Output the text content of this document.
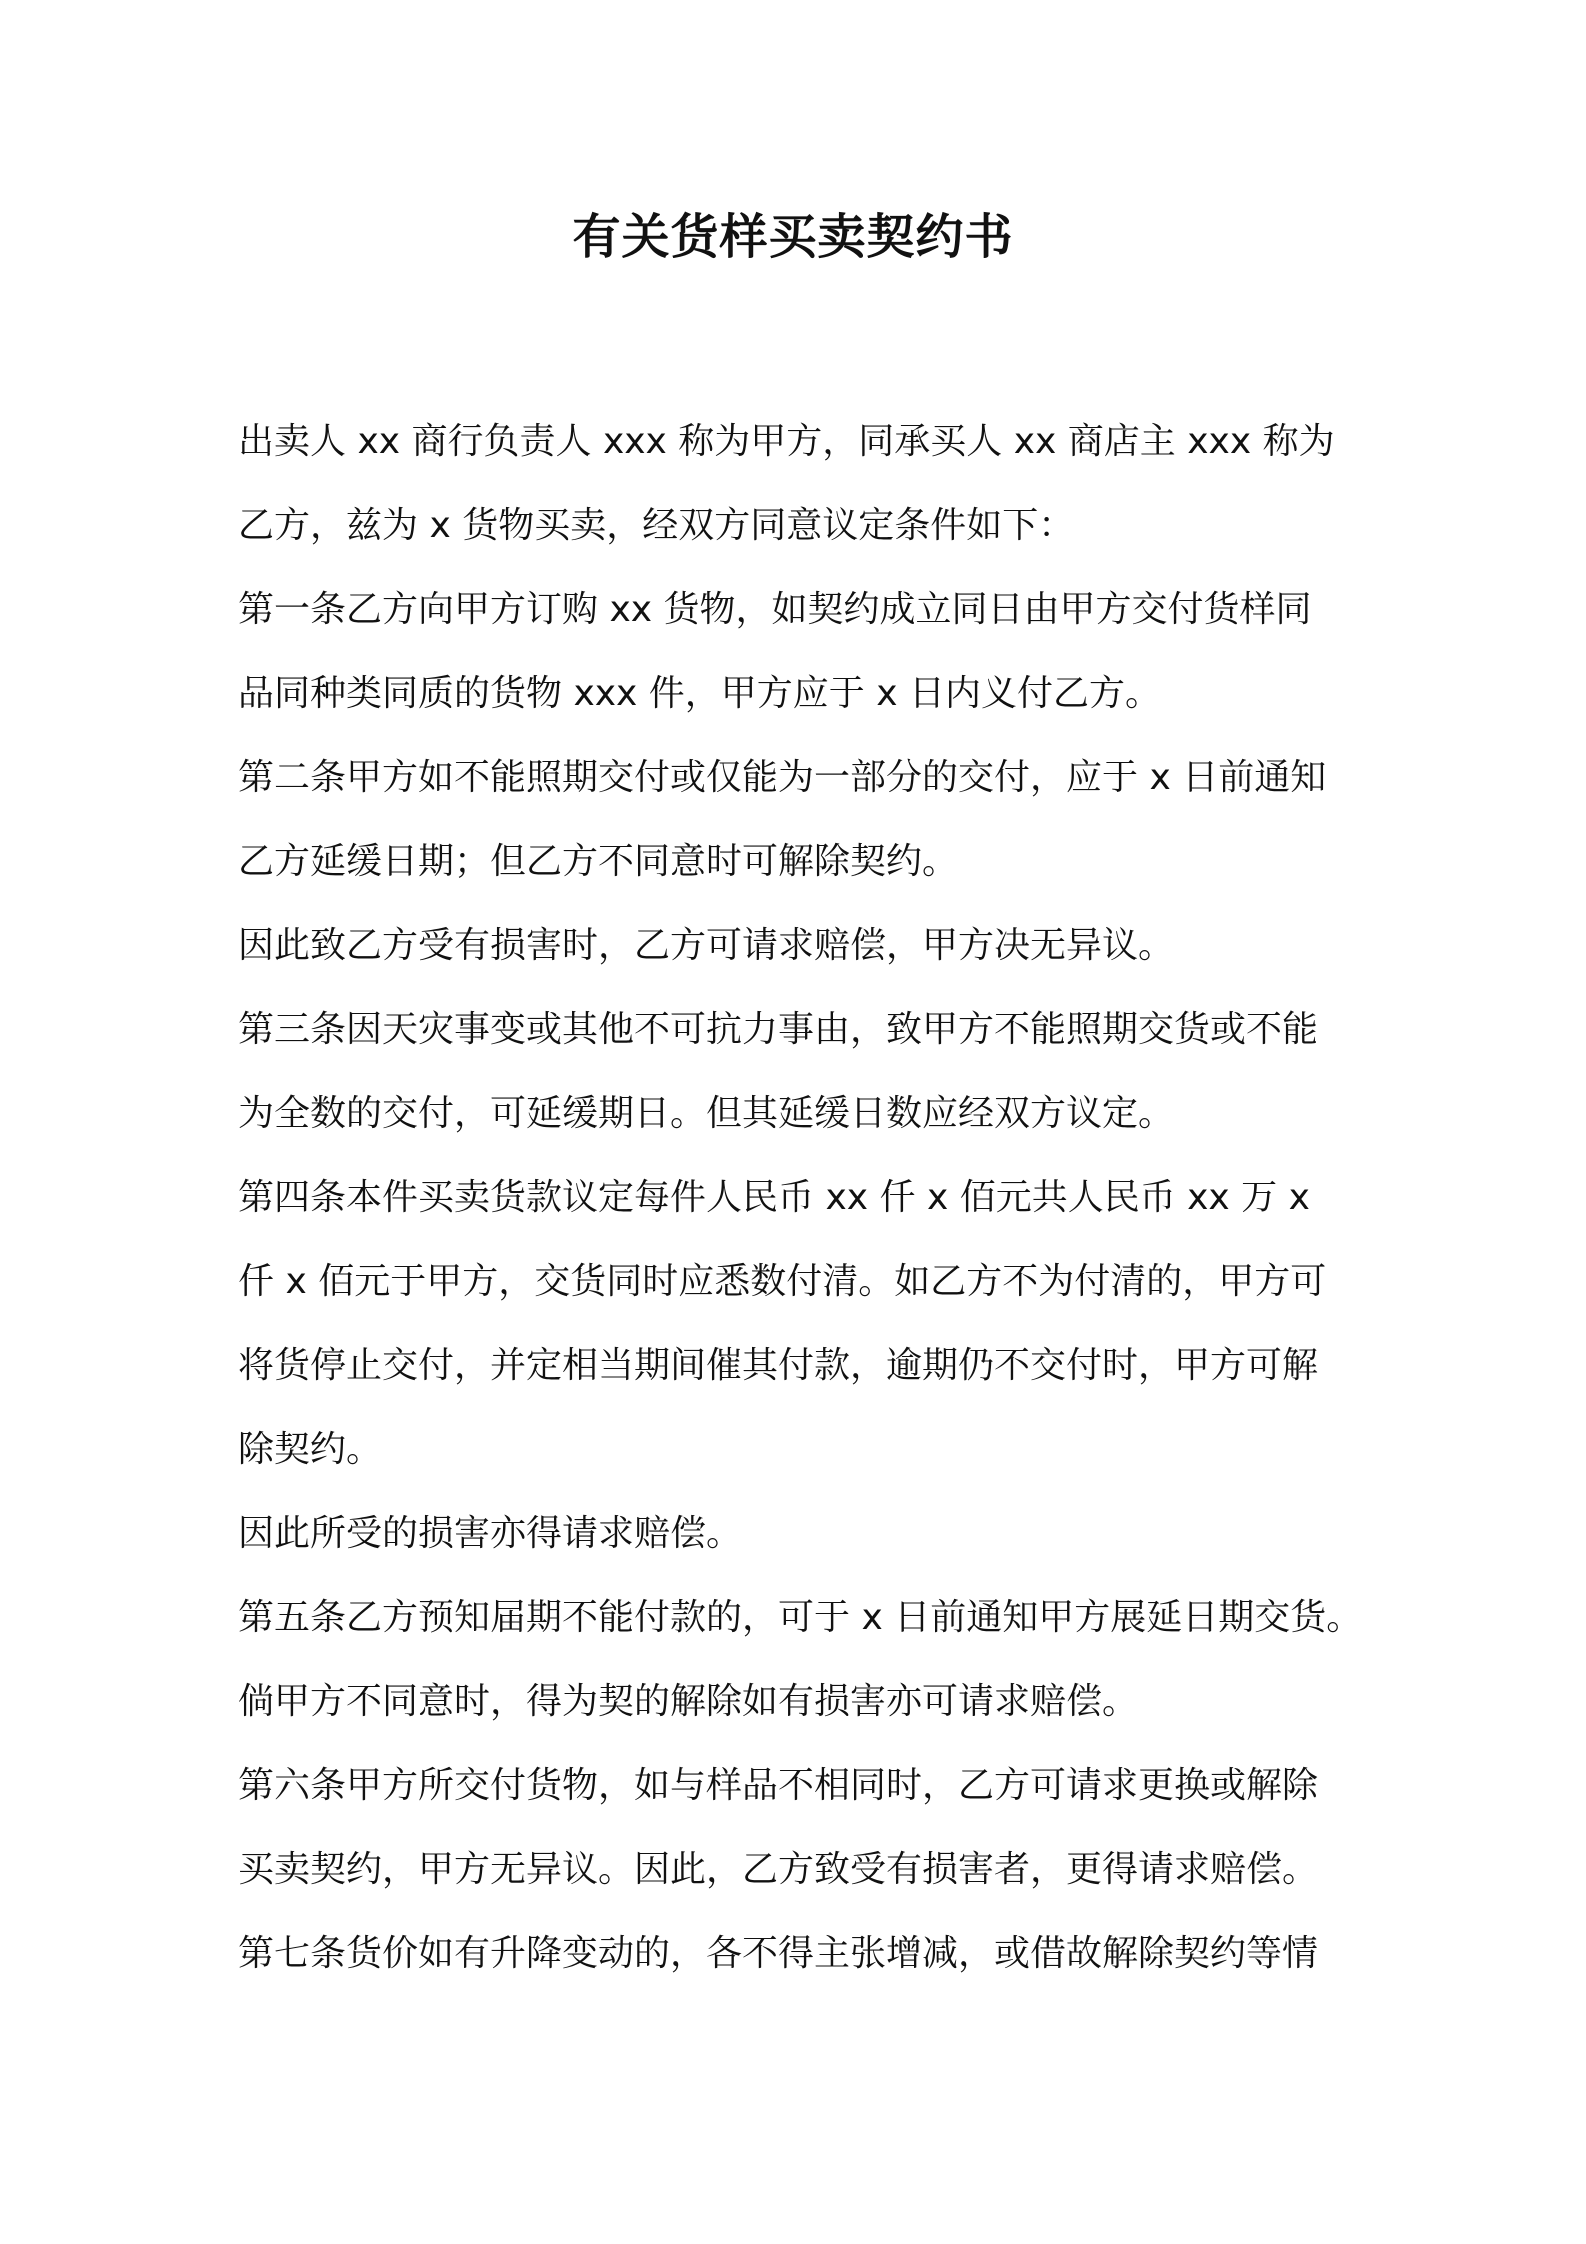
有关货样买卖契约书
出卖人 xx 商行负责人 xxx 称为甲方，同承买人 xx 商店主 xxx 称为
乙方，兹为 x 货物买卖，经双方同意议定条件如下：
第一条乙方向甲方订购 xx 货物，如契约成立同日由甲方交付货样同
品同种类同质的货物 xxx 件，甲方应于 x 日内义付乙方。
第二条甲方如不能照期交付或仅能为一部分的交付，应于 x 日前通知
乙方延缓日期；但乙方不同意时可解除契约。
因此致乙方受有损害时，乙方可请求赔偿，甲方决无异议。
第三条因天灾事变或其他不可抗力事由，致甲方不能照期交货或不能
为全数的交付，可延缓期日。但其延缓日数应经双方议定。
第四条本件买卖货款议定每件人民币 xx 仟 x 佰元共人民币 xx 万 x
仟 x 佰元于甲方，交货同时应悉数付清。如乙方不为付清的，甲方可
将货停止交付，并定相当期间催其付款，逾期仍不交付时，甲方可解
除契约。
因此所受的损害亦得请求赔偿。
第五条乙方预知届期不能付款的，可于 x 日前通知甲方展延日期交货。
倘甲方不同意时，得为契的解除如有损害亦可请求赔偿。
第六条甲方所交付货物，如与样品不相同时，乙方可请求更换或解除
买卖契约，甲方无异议。因此，乙方致受有损害者，更得请求赔偿。
第七条货价如有升降变动的，各不得主张增减，或借故解除契约等情
